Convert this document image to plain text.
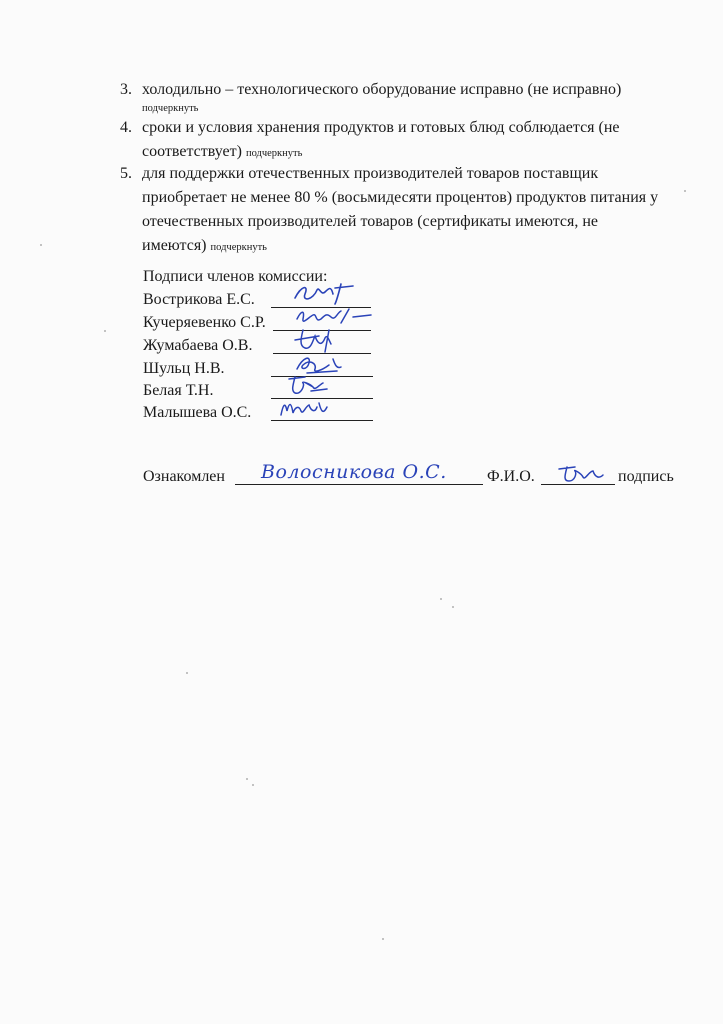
3. холодильно – технологического оборудование исправно (не исправно)
подчеркнуть
4. сроки и условия хранения продуктов и готовых блюд соблюдается (не
соответствует) подчеркнуть
5. для поддержки отечественных производителей товаров поставщик
приобретает не менее 80 % (восьмидесяти процентов) продуктов питания у
отечественных производителей товаров (сертификаты имеются, не
имеются) подчеркнуть
Подписи членов комиссии:
Вострикова Е.С.
Кучеряевенко С.Р.
Жумабаева О.В.
Шульц Н.В.
Белая Т.Н.
Малышева О.С.
Ознакомлен Волосникова О.С.	Ф.И.О.	подпись
